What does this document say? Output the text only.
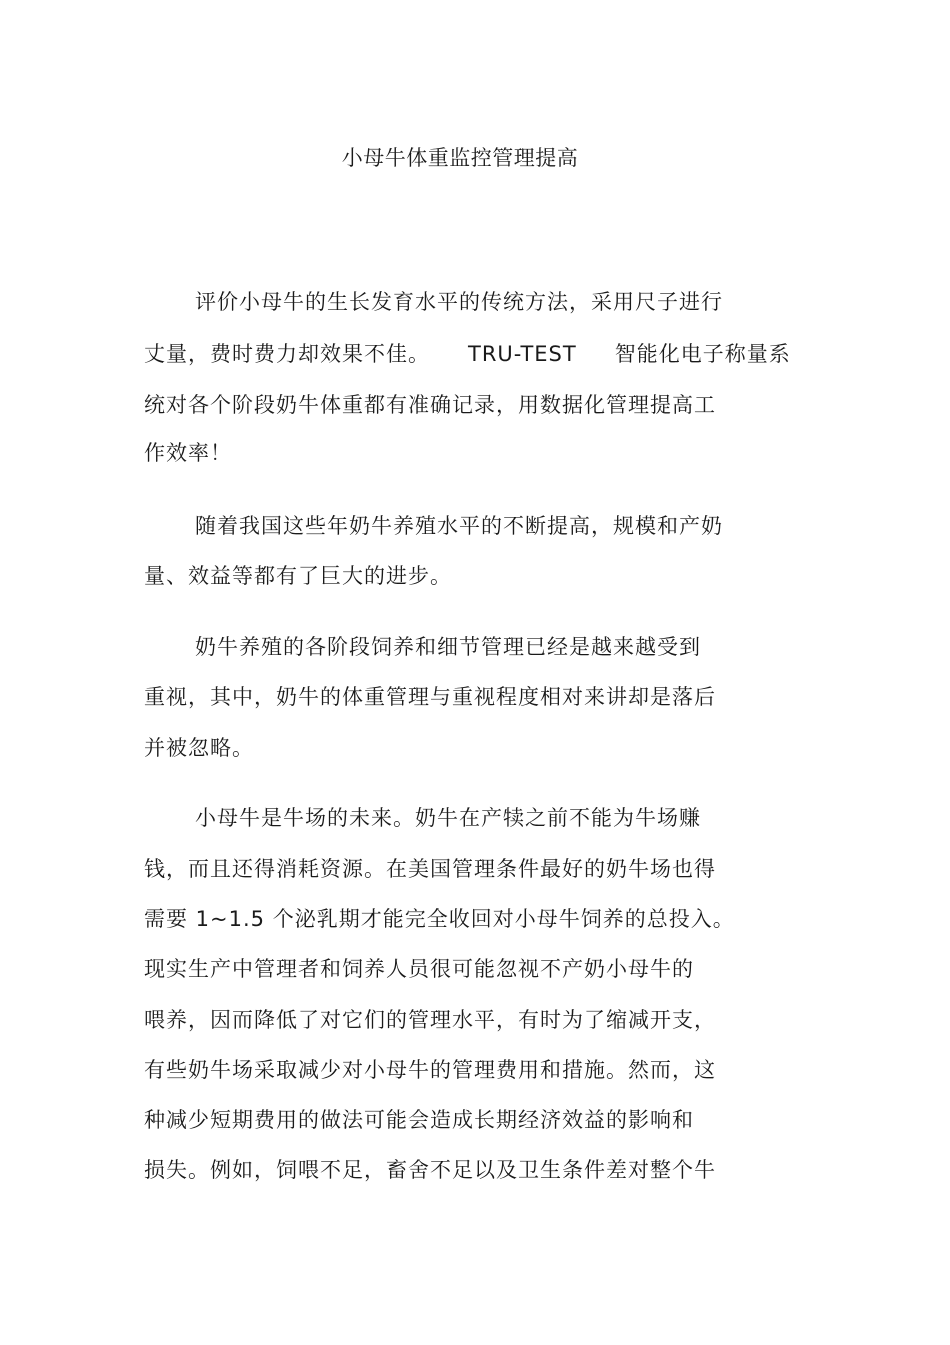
小母牛体重监控管理提高
评价小母牛的生长发育水平的传统方法，采用尺子进行
丈量，费时费力却效果不佳。 TRU-TEST 智能化电子称量系
统对各个阶段奶牛体重都有准确记录，用数据化管理提高工
作效率！
随着我国这些年奶牛养殖水平的不断提高，规模和产奶
量、效益等都有了巨大的进步。
奶牛养殖的各阶段饲养和细节管理已经是越来越受到
重视，其中，奶牛的体重管理与重视程度相对来讲却是落后
并被忽略。
小母牛是牛场的未来。奶牛在产犊之前不能为牛场赚
钱，而且还得消耗资源。在美国管理条件最好的奶牛场也得
需要 1~1.5 个泌乳期才能完全收回对小母牛饲养的总投入。
现实生产中管理者和饲养人员很可能忽视不产奶小母牛的
喂养，因而降低了对它们的管理水平，有时为了缩减开支，
有些奶牛场采取减少对小母牛的管理费用和措施。然而，这
种减少短期费用的做法可能会造成长期经济效益的影响和
损失。例如，饲喂不足，畜舍不足以及卫生条件差对整个牛
